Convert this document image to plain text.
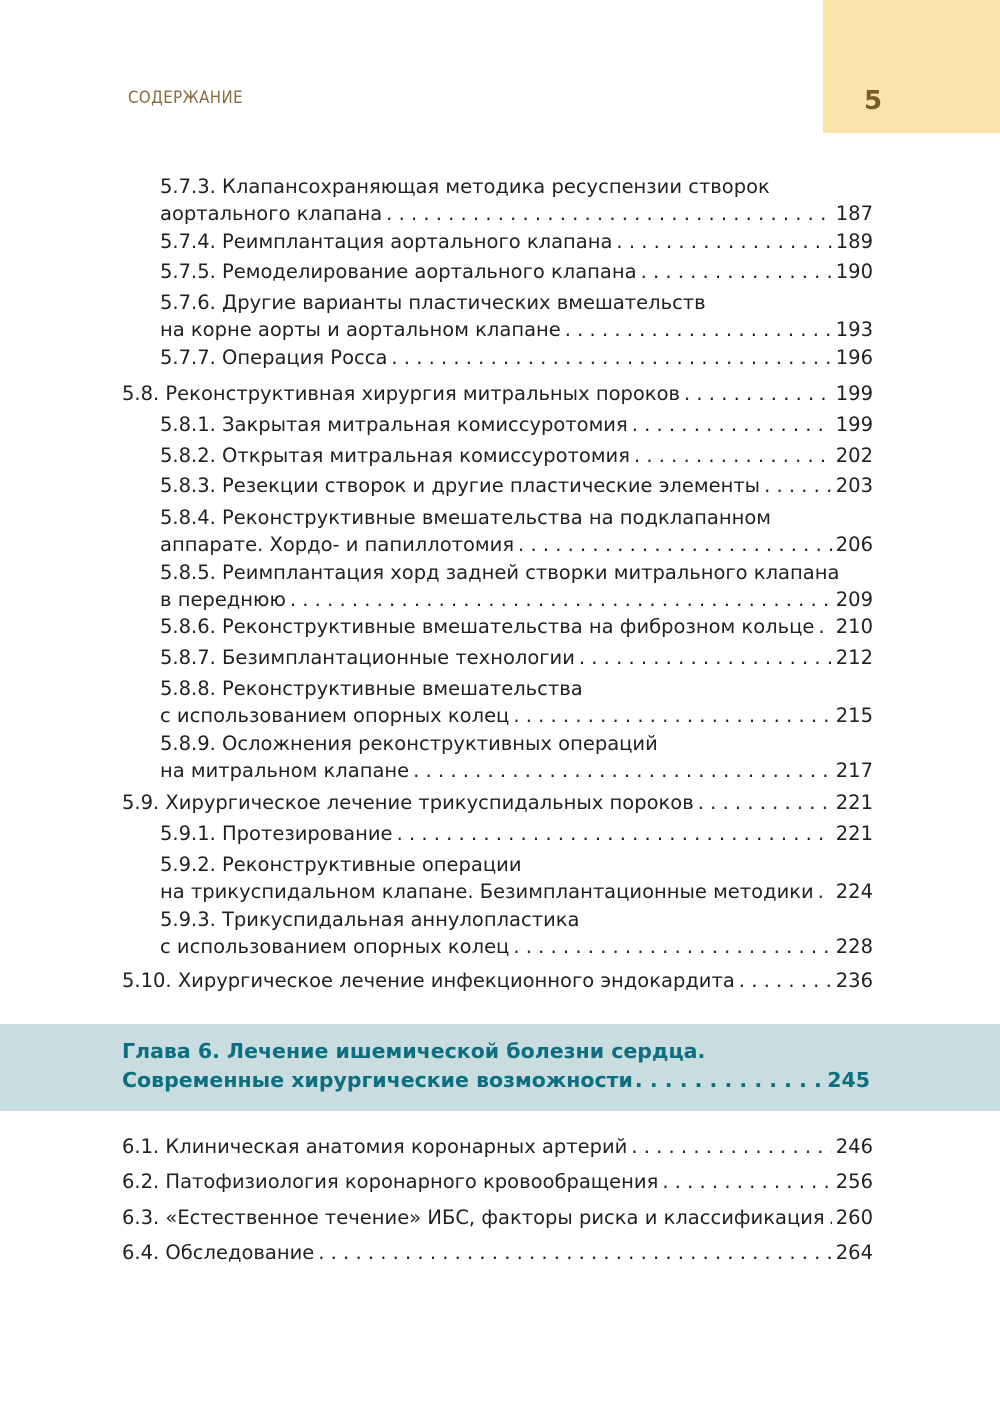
СОДЕРЖАНИЕ	5
5.7.3. Клапансохраняющая методика ресуспензии створок
аортального клапана . . .	187
5.7.4. Реимплантация аортального клапана . . .	189
5.7.5. Ремоделирование аортального клапана . . .	190
5.7.6. Другие варианты пластических вмешательств
на корне аорты и аортальном клапане . . .	193
5.7.7. Операция Росса . . .	196
5.8. Реконструктивная хирургия митральных пороков . . .	199
5.8.1. Закрытая митральная комиссуротомия . . .	199
5.8.2. Открытая митральная комиссуротомия . . .	202
5.8.3. Резекции створок и другие пластические элементы . . .	203
5.8.4. Реконструктивные вмешательства на подклапанном
аппарате. Хордо- и папиллотомия . . .	206
5.8.5. Реимплантация хорд задней створки митрального клапана
в переднюю . . .	209
5.8.6. Реконструктивные вмешательства на фиброзном кольце . . . 210
5.8.7. Безимплантационные технологии . . .	212
5.8.8. Реконструктивные вмешательства
с использованием опорных колец . . .	215
5.8.9. Осложнения реконструктивных операций
на митральном клапане . . .	217
5.9. Хирургическое лечение трикуспидальных пороков . . .	221
5.9.1. Протезирование . . .	221
5.9.2. Реконструктивные операции
на трикуспидальном клапане. Безимплантационные методики . . . 224
5.9.3. Трикуспидальная аннулопластика
с использованием опорных колец . . .	228
5.10. Хирургическое лечение инфекционного эндокардита . . .	236
Глава 6. Лечение ишемической болезни сердца.
Современные хирургические возможности . . .	245
6.1. Клиническая анатомия коронарных артерий . . .	246
6.2. Патофизиология коронарного кровообращения . . .	256
6.3. «Естественное течение» ИБС, факторы риска и классификация . . . 260
6.4. Обследование . . .	264
